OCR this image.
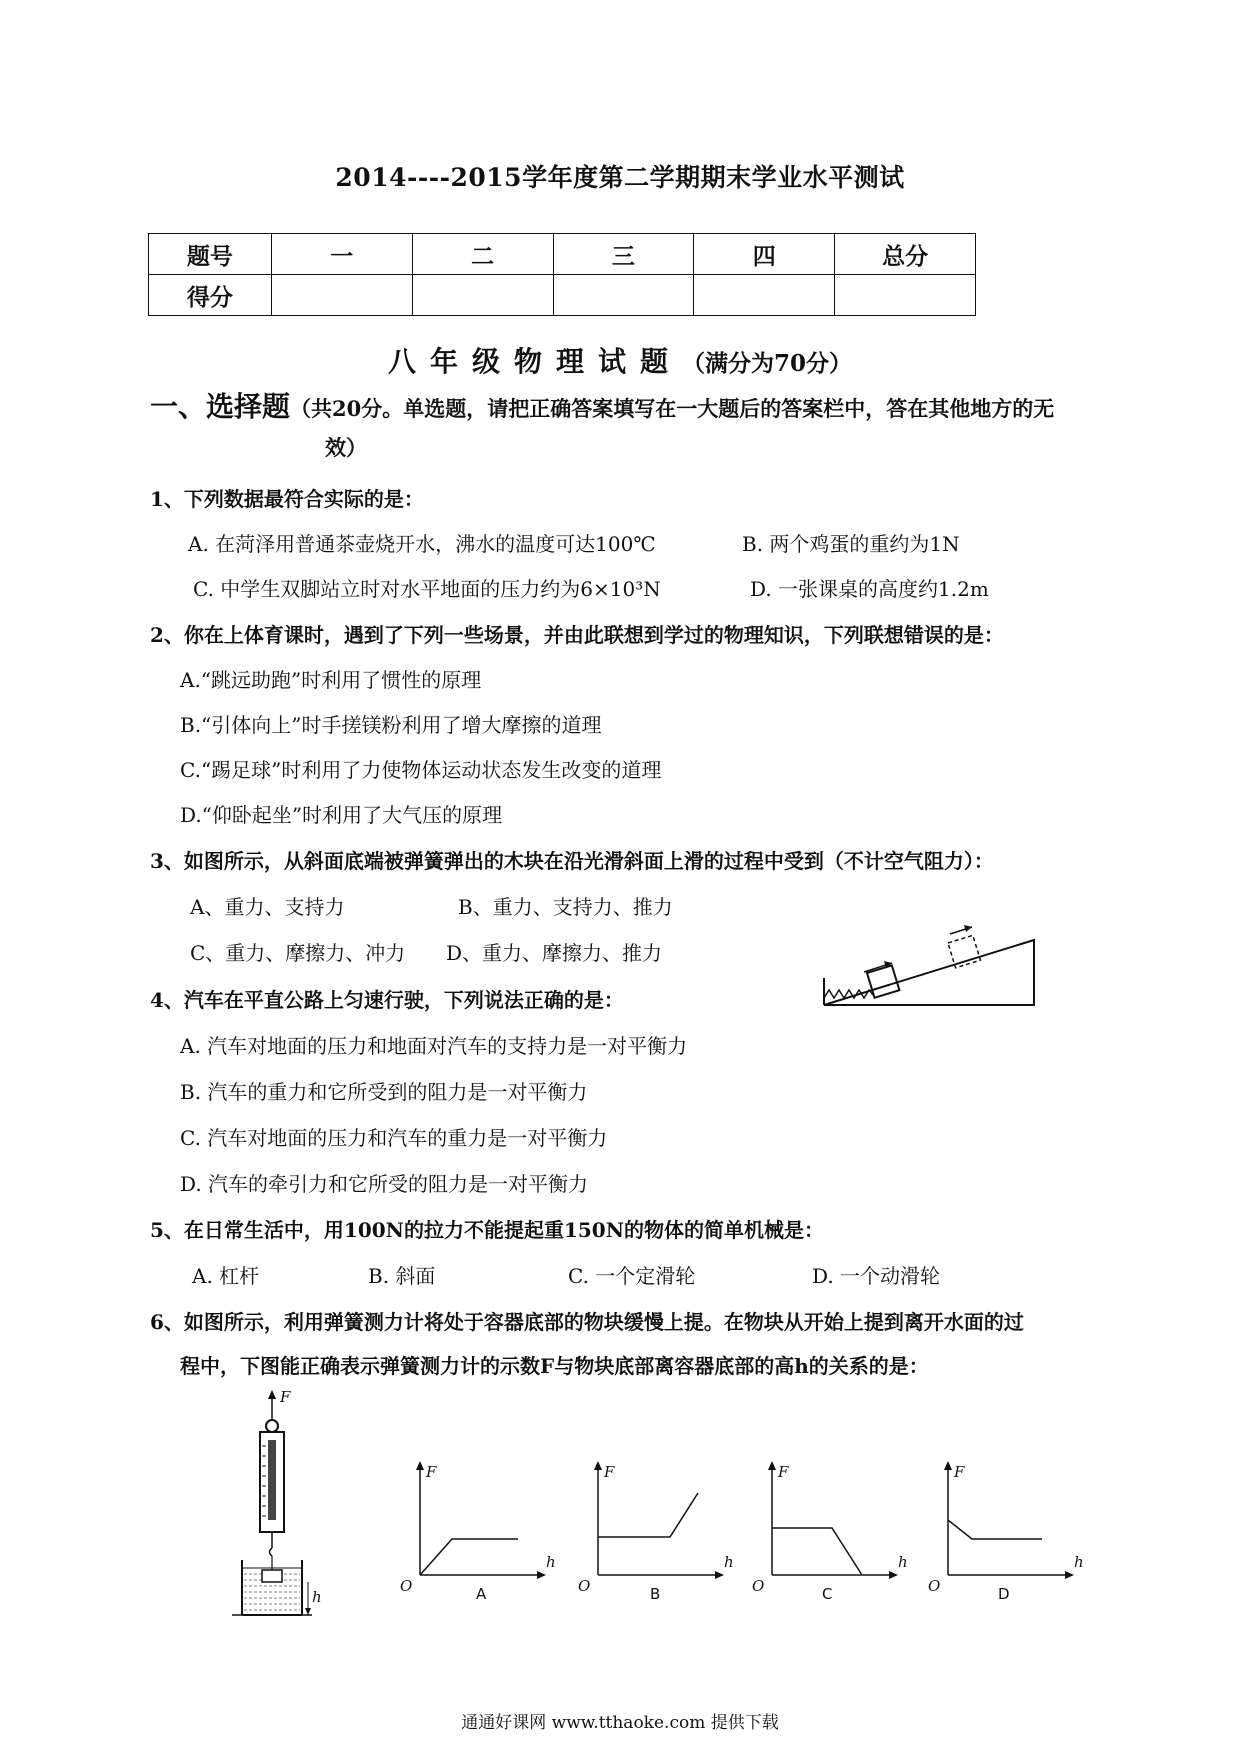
2014----2015学年度第二学期期末学业水平测试
题号	一	二	三	四	总分
得分					
八年级物理试题（满分为70分）
一、选择题（共20分。单选题，请把正确答案填写在一大题后的答案栏中，答在其他地方的无
效）
1、下列数据最符合实际的是：
A. 在菏泽用普通茶壶烧开水，沸水的温度可达100℃	B. 两个鸡蛋的重约为1N
C. 中学生双脚站立时对水平地面的压力约为6×10³N	D. 一张课桌的高度约1.2m
2、你在上体育课时，遇到了下列一些场景，并由此联想到学过的物理知识，下列联想错误的是：
A.“跳远助跑”时利用了惯性的原理
B.“引体向上”时手搓镁粉利用了增大摩擦的道理
C.“踢足球”时利用了力使物体运动状态发生改变的道理
D.“仰卧起坐”时利用了大气压的原理
3、如图所示，从斜面底端被弹簧弹出的木块在沿光滑斜面上滑的过程中受到（不计空气阻力）：
A、重力、支持力	B、重力、支持力、推力
C、重力、摩擦力、冲力 D、重力、摩擦力、推力
4、汽车在平直公路上匀速行驶，下列说法正确的是：
A. 汽车对地面的压力和地面对汽车的支持力是一对平衡力
B. 汽车的重力和它所受到的阻力是一对平衡力
C. 汽车对地面的压力和汽车的重力是一对平衡力
D. 汽车的牵引力和它所受的阻力是一对平衡力
5、在日常生活中，用100N的拉力不能提起重150N的物体的简单机械是：
A. 杠杆	B. 斜面	C. 一个定滑轮	D. 一个动滑轮
6、如图所示，利用弹簧测力计将处于容器底部的物块缓慢上提。在物块从开始上提到离开水面的过
程中，下图能正确表示弹簧测力计的示数F与物块底部离容器底部的高h的关系的是：
F
h
F
h
O	A
F
h
O	B
F
h
O	C
F
h
O	D
通通好课网 www.tthaoke.com 提供下载
